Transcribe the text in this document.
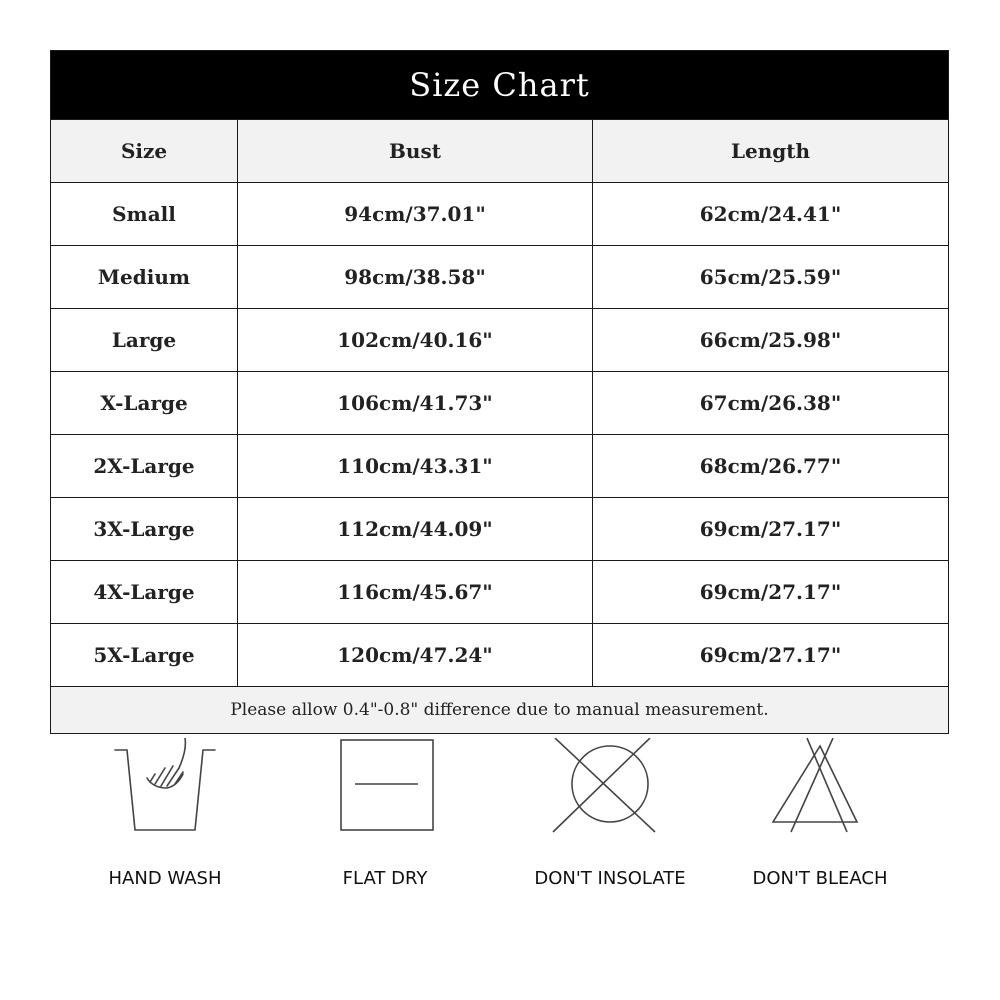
Size Chart		
Size	Bust	Length
Small	94cm/37.01"	62cm/24.41"
Medium	98cm/38.58"	65cm/25.59"
Large	102cm/40.16"	66cm/25.98"
X-Large	106cm/41.73"	67cm/26.38"
2X-Large	110cm/43.31"	68cm/26.77"
3X-Large	112cm/44.09"	69cm/27.17"
4X-Large	116cm/45.67"	69cm/27.17"
5X-Large	120cm/47.24"	69cm/27.17"
Please allow 0.4"-0.8" difference due to manual measurement.		
HAND WASH	FLAT DRY	DON'T INSOLATE	DON'T BLEACH
